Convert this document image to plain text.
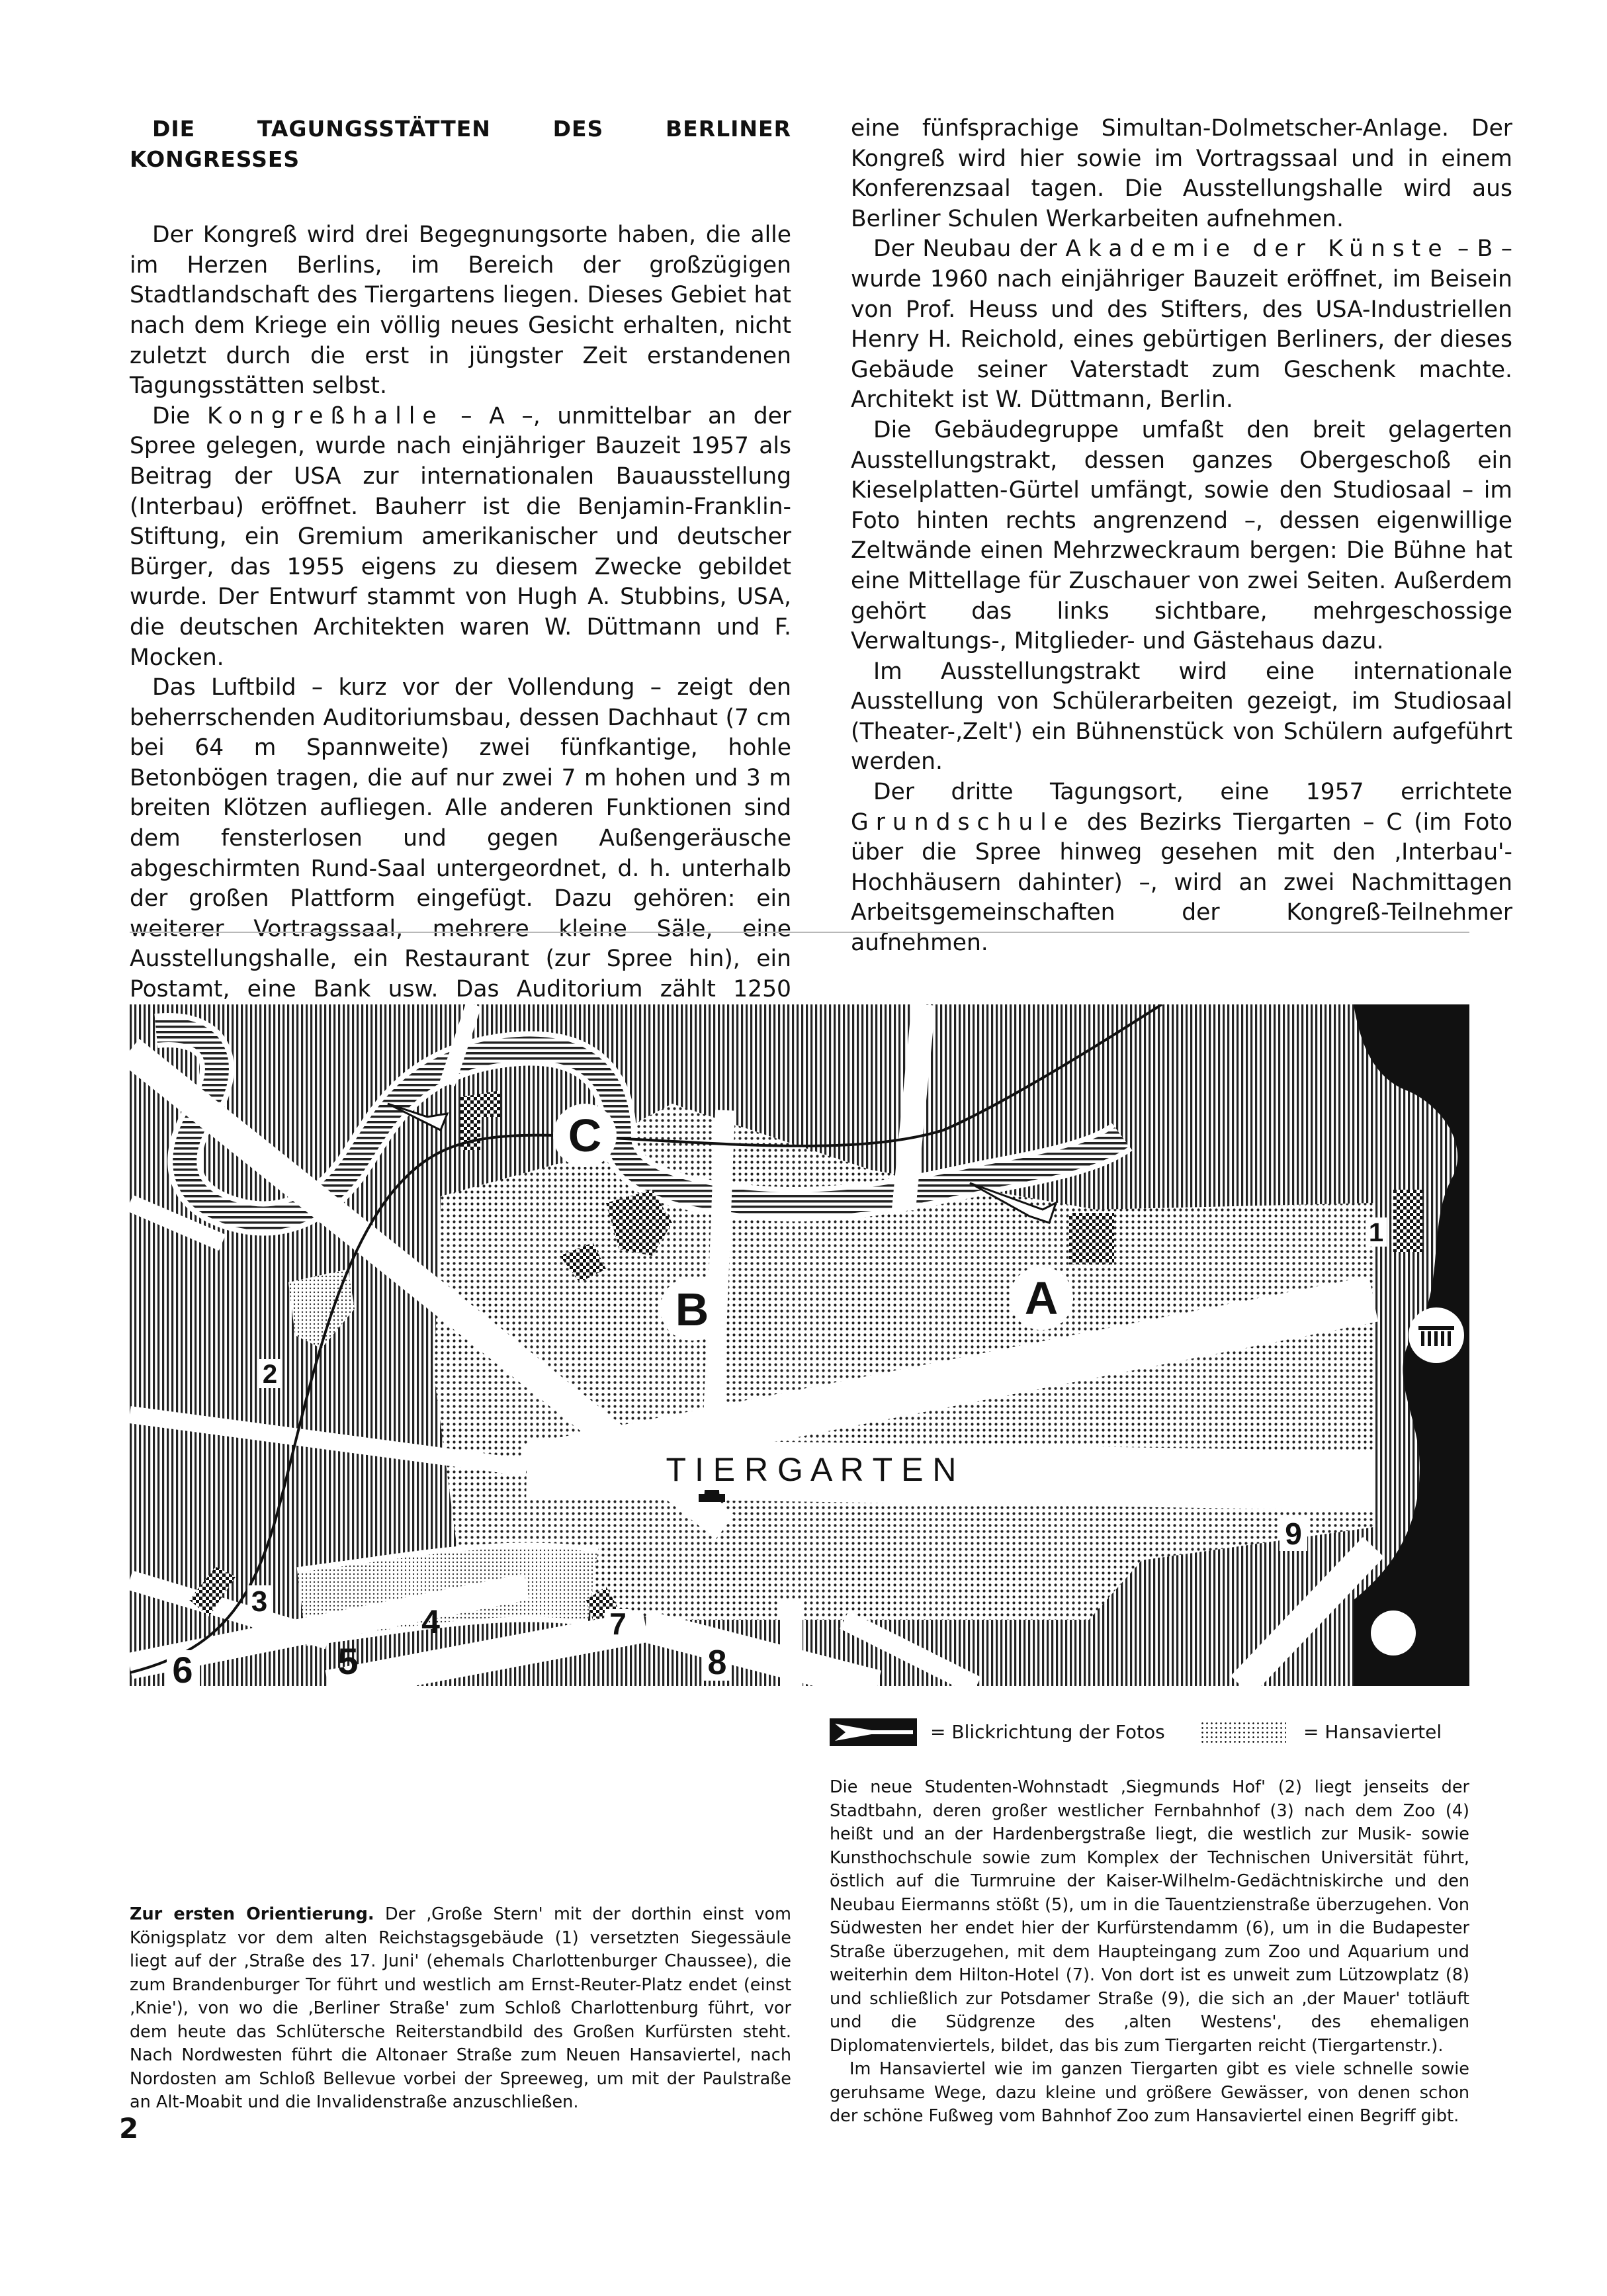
DIE TAGUNGSSTÄTTEN DES BERLINER KONGRESSES

Der Kongreß wird drei Begegnungsorte haben, die alle im Herzen Berlins, im Bereich der großzügigen Stadtlandschaft des Tiergartens liegen. Dieses Gebiet hat nach dem Kriege ein völlig neues Gesicht erhalten, nicht zuletzt durch die erst in jüngster Zeit erstandenen Tagungsstätten selbst.

Die Kongreßhalle – A –, unmittelbar an der Spree gelegen, wurde nach einjähriger Bauzeit 1957 als Beitrag der USA zur internationalen Bauausstellung (Interbau) eröffnet. Bauherr ist die Benjamin-Franklin-Stiftung, ein Gremium amerikanischer und deutscher Bürger, das 1955 eigens zu diesem Zwecke gebildet wurde. Der Entwurf stammt von Hugh A. Stubbins, USA, die deutschen Architekten waren W. Düttmann und F. Mocken.

Das Luftbild – kurz vor der Vollendung – zeigt den beherrschenden Auditoriumsbau, dessen Dachhaut (7 cm bei 64 m Spannweite) zwei fünfkantige, hohle Betonbögen tragen, die auf nur zwei 7 m hohen und 3 m breiten Klötzen aufliegen. Alle anderen Funktionen sind dem fensterlosen und gegen Außengeräusche abgeschirmten Rund-Saal untergeordnet, d. h. unterhalb der großen Plattform eingefügt. Dazu gehören: ein weiterer Vortragssaal, mehrere kleine Säle, eine Ausstellungshalle, ein Restaurant (zur Spree hin), ein Postamt, eine Bank usw. Das Auditorium zählt 1250

eine fünfsprachige Simultan-Dolmetscher-Anlage. Der Kongreß wird hier sowie im Vortragssaal und in einem Konferenzsaal tagen. Die Ausstellungshalle wird aus Berliner Schulen Werkarbeiten aufnehmen.

Der Neubau der Akademie der Künste – B – wurde 1960 nach einjähriger Bauzeit eröffnet, im Beisein von Prof. Heuss und des Stifters, des USA-Industriellen Henry H. Reichold, eines gebürtigen Berliners, der dieses Gebäude seiner Vaterstadt zum Geschenk machte. Architekt ist W. Düttmann, Berlin.

Die Gebäudegruppe umfaßt den breit gelagerten Ausstellungstrakt, dessen ganzes Obergeschoß ein Kieselplatten-Gürtel umfängt, sowie den Studiosaal – im Foto hinten rechts angrenzend –, dessen eigenwillige Zeltwände einen Mehrzweckraum bergen: Die Bühne hat eine Mittellage für Zuschauer von zwei Seiten. Außerdem gehört das links sichtbare, mehrgeschossige Verwaltungs-, Mitglieder- und Gästehaus dazu.

Im Ausstellungstrakt wird eine internationale Ausstellung von Schülerarbeiten gezeigt, im Studiosaal (Theater-‚Zelt') ein Bühnenstück von Schülern aufgeführt werden.

Der dritte Tagungsort, eine 1957 errichtete Grundschule des Bezirks Tiergarten – C (im Foto über die Spree hinweg gesehen mit den ‚Interbau'-Hochhäusern dahinter) –, wird an zwei Nachmittagen Arbeitsgemeinschaften der Kongreß-Teilnehmer aufnehmen.

C
B	A
T I E R G A R T E N
1
2
3
4
5
6
7
8
9
= Blickrichtung der Fotos	= Hansaviertel

Die neue Studenten-Wohnstadt ‚Siegmunds Hof' (2) liegt jenseits der Stadtbahn, deren großer westlicher Fernbahnhof (3) nach dem Zoo (4) heißt und an der Hardenbergstraße liegt, die westlich zur Musik- sowie Kunsthochschule sowie zum Komplex der Technischen Universität führt, östlich auf die Turmruine der Kaiser-Wilhelm-Gedächtniskirche und den Neubau Eiermanns stößt (5), um in die Tauentzienstraße überzugehen. Von Südwesten her endet hier der Kurfürstendamm (6), um in die Budapester Straße überzugehen, mit dem Haupteingang zum Zoo und Aquarium und weiterhin dem Hilton-Hotel (7). Von dort ist es unweit zum Lützowplatz (8) und schließlich zur Potsdamer Straße (9), die sich an ‚der Mauer' totläuft und die Südgrenze des ‚alten Westens', des ehemaligen Diplomatenviertels, bildet, das bis zum Tiergarten reicht (Tiergartenstr.).

Im Hansaviertel wie im ganzen Tiergarten gibt es viele schnelle sowie geruhsame Wege, dazu kleine und größere Gewässer, von denen schon der schöne Fußweg vom Bahnhof Zoo zum Hansaviertel einen Begriff gibt.

Zur ersten Orientierung. Der ‚Große Stern' mit der dorthin einst vom Königsplatz vor dem alten Reichstagsgebäude (1) versetzten Siegessäule liegt auf der ‚Straße des 17. Juni' (ehemals Charlottenburger Chaussee), die zum Brandenburger Tor führt und westlich am Ernst-Reuter-Platz endet (einst ‚Knie'), von wo die ‚Berliner Straße' zum Schloß Charlottenburg führt, vor dem heute das Schlütersche Reiterstandbild des Großen Kurfürsten steht. Nach Nordwesten führt die Altonaer Straße zum Neuen Hansaviertel, nach Nordosten am Schloß Bellevue vorbei der Spreeweg, um mit der Paulstraße an Alt-Moabit und die Invalidenstraße anzuschließen.

2
